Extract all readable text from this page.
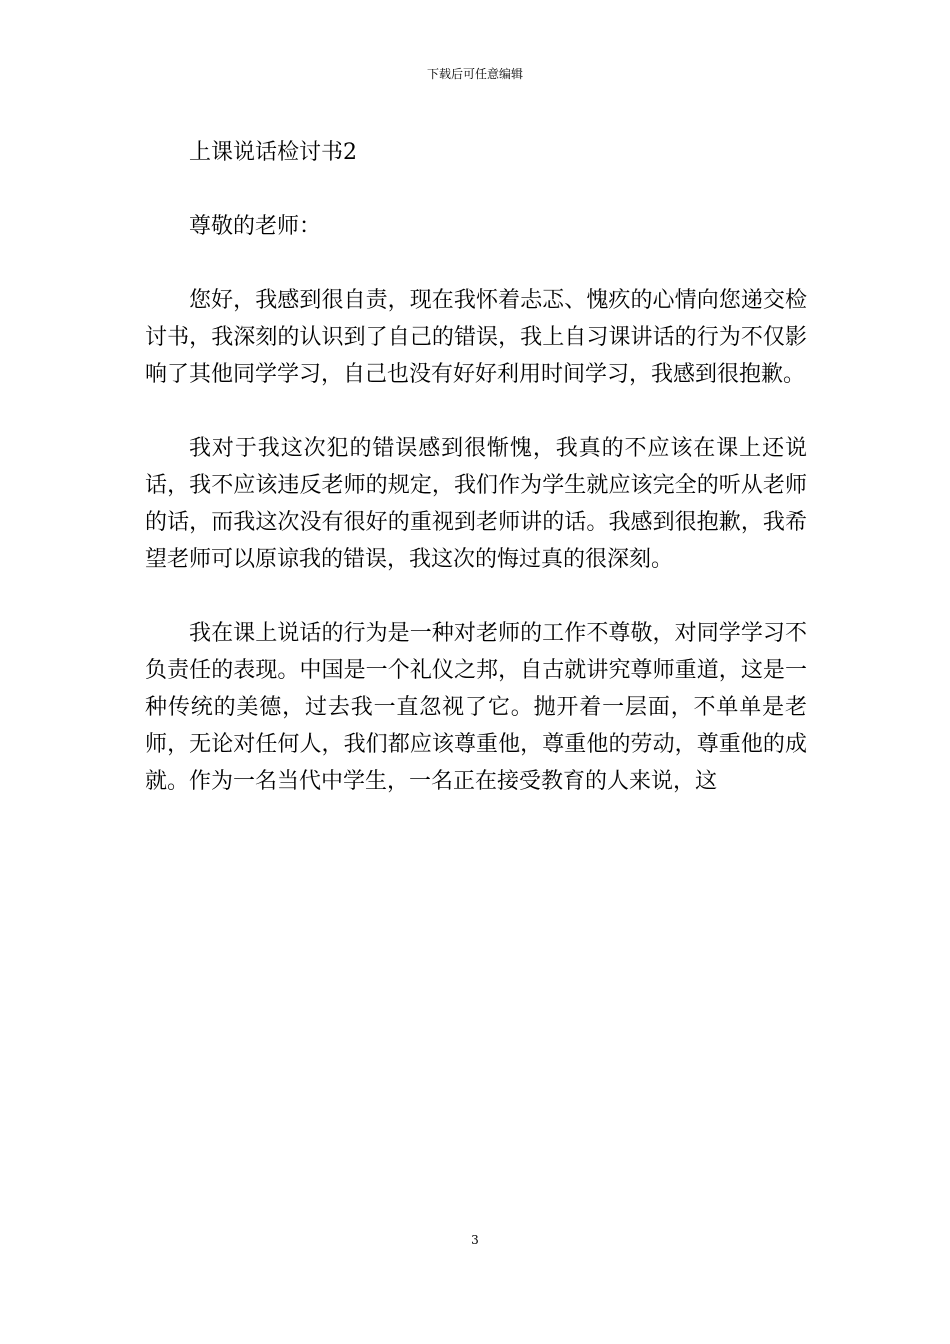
下载后可任意编辑

上课说话检讨书2

尊敬的老师：

您好，我感到很自责，现在我怀着忐忑、愧疚的心情向您递交检讨书，我深刻的认识到了自己的错误，我上自习课讲话的行为不仅影响了其他同学学习，自己也没有好好利用时间学习，我感到很抱歉。

我对于我这次犯的错误感到很惭愧，我真的不应该在课上还说话，我不应该违反老师的规定，我们作为学生就应该完全的听从老师的话，而我这次没有很好的重视到老师讲的话。我感到很抱歉，我希望老师可以原谅我的错误，我这次的悔过真的很深刻。

我在课上说话的行为是一种对老师的工作不尊敬，对同学学习不负责任的表现。中国是一个礼仪之邦，自古就讲究尊师重道，这是一种传统的美德，过去我一直忽视了它。抛开着一层面，不单单是老师，无论对任何人，我们都应该尊重他，尊重他的劳动，尊重他的成就。作为一名当代中学生，一名正在接受教育的人来说，这

3
